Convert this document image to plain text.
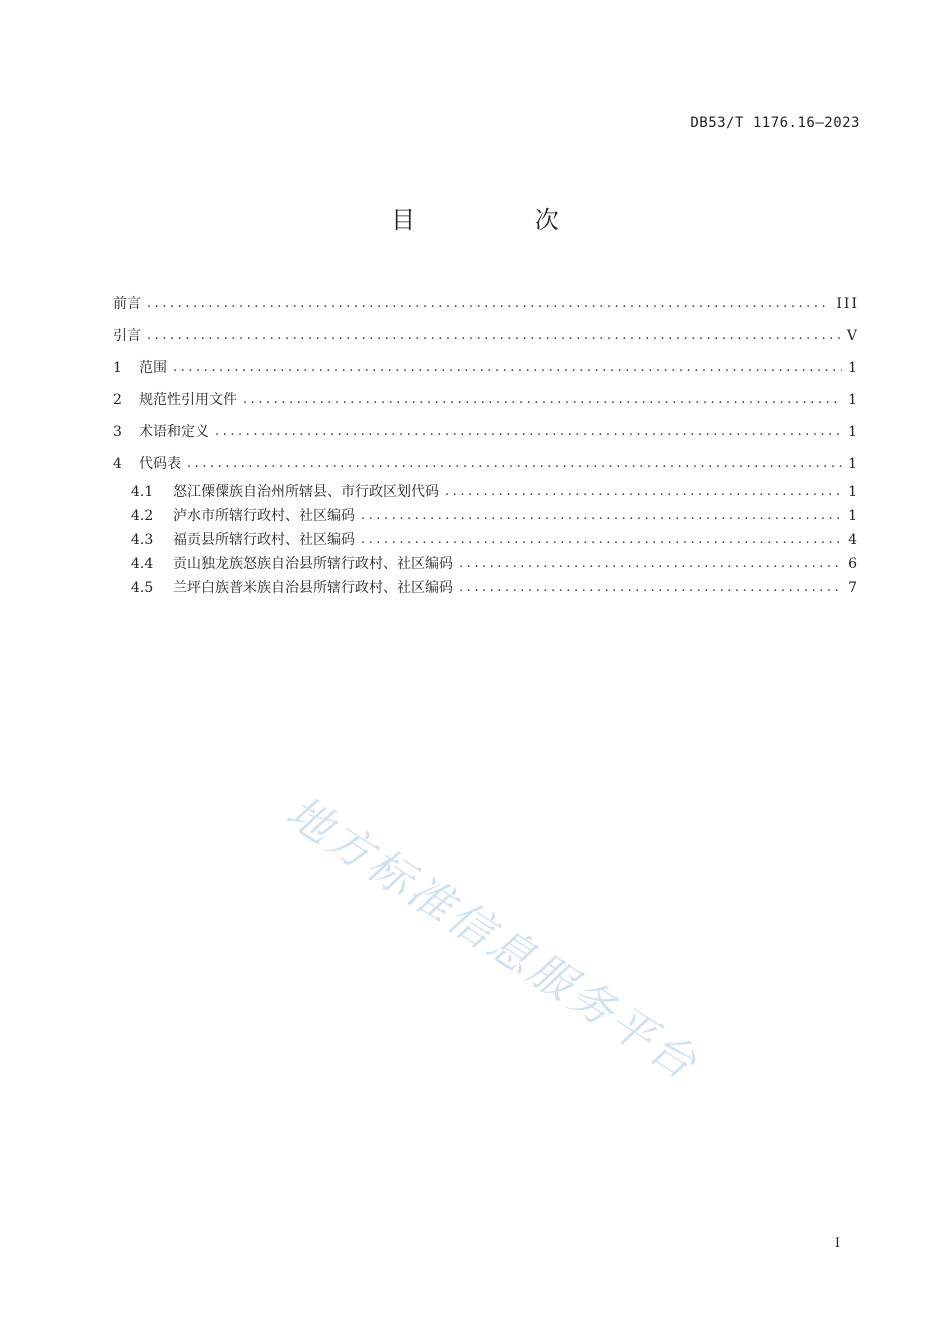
DB53/T 1176.16—2023
目 次
前言 . . .	III
引言 . . .	V
1	范围 . . .	1
2	规范性引用文件 . . .	1
3	术语和定义 . . .	1
4	代码表 . . .	1
4.1	怒江傈僳族自治州所辖县、市行政区划代码 . . .	1
4.2	泸水市所辖行政村、社区编码 . . .	1
4.3	福贡县所辖行政村、社区编码 . . .	4
4.4	贡山独龙族怒族自治县所辖行政村、社区编码 . . .	6
4.5	兰坪白族普米族自治县所辖行政村、社区编码 . . .	7
地方标准信息服务平台
I
